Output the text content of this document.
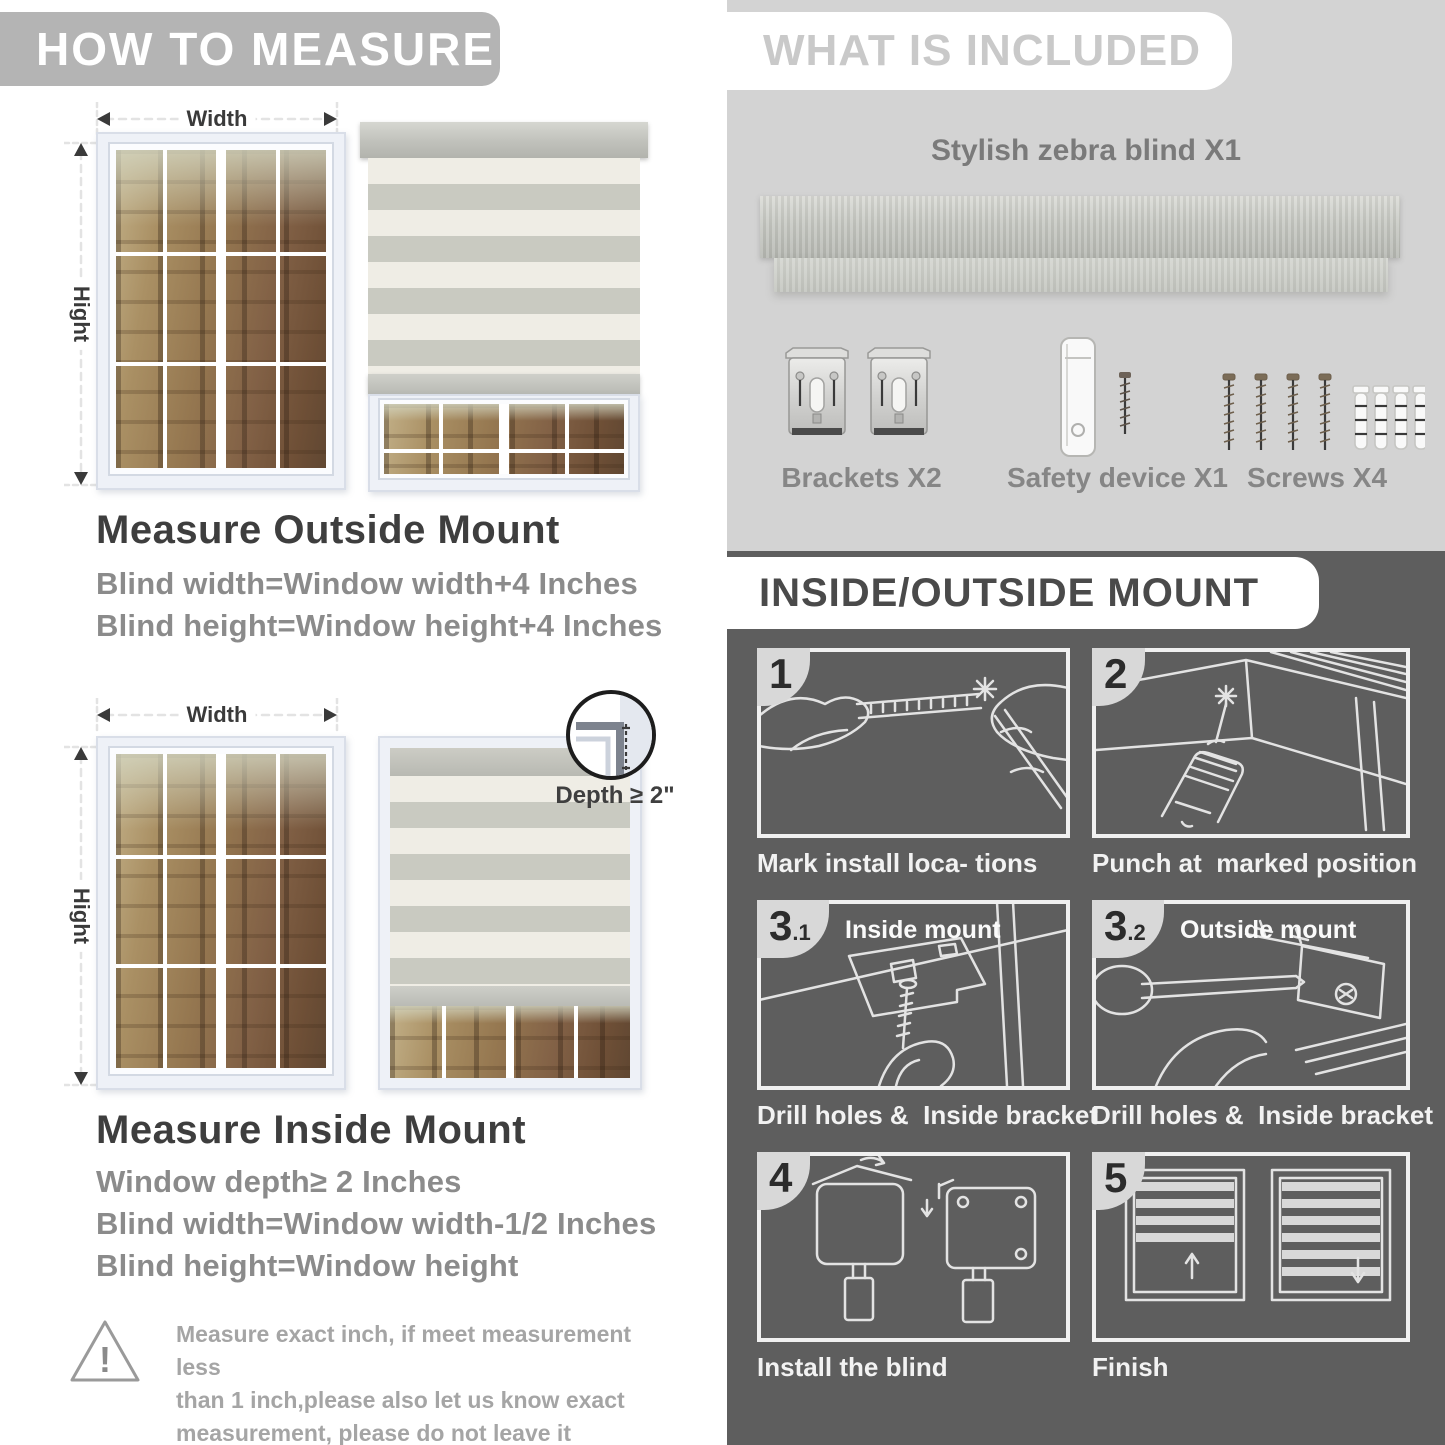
HOW TO MEASURE
Width
Hight
Measure Outside Mount
Blind width=Window width+4 Inches
Blind height=Window height+4 Inches
Width
Hight
Depth ≥ 2"
Measure Inside Mount
Window depth≥ 2 Inches
Blind width=Window width-1/2 Inches
Blind height=Window height
!
Measure exact inch, if meet measurement less
than 1 inch,please also let us know exact
measurement, please do not leave it
WHAT IS INCLUDED
Stylish zebra blind X1
Brackets X2	Safety device X1 Screws X4
INSIDE/OUTSIDE MOUNT
1
Mark install loca- tions
2
Punch at  marked position
3 .1 Inside mount
Drill holes &  Inside bracket
3 .2 Outside mount
Drill holes &  Inside bracket
4
Install the blind
5
Finish
